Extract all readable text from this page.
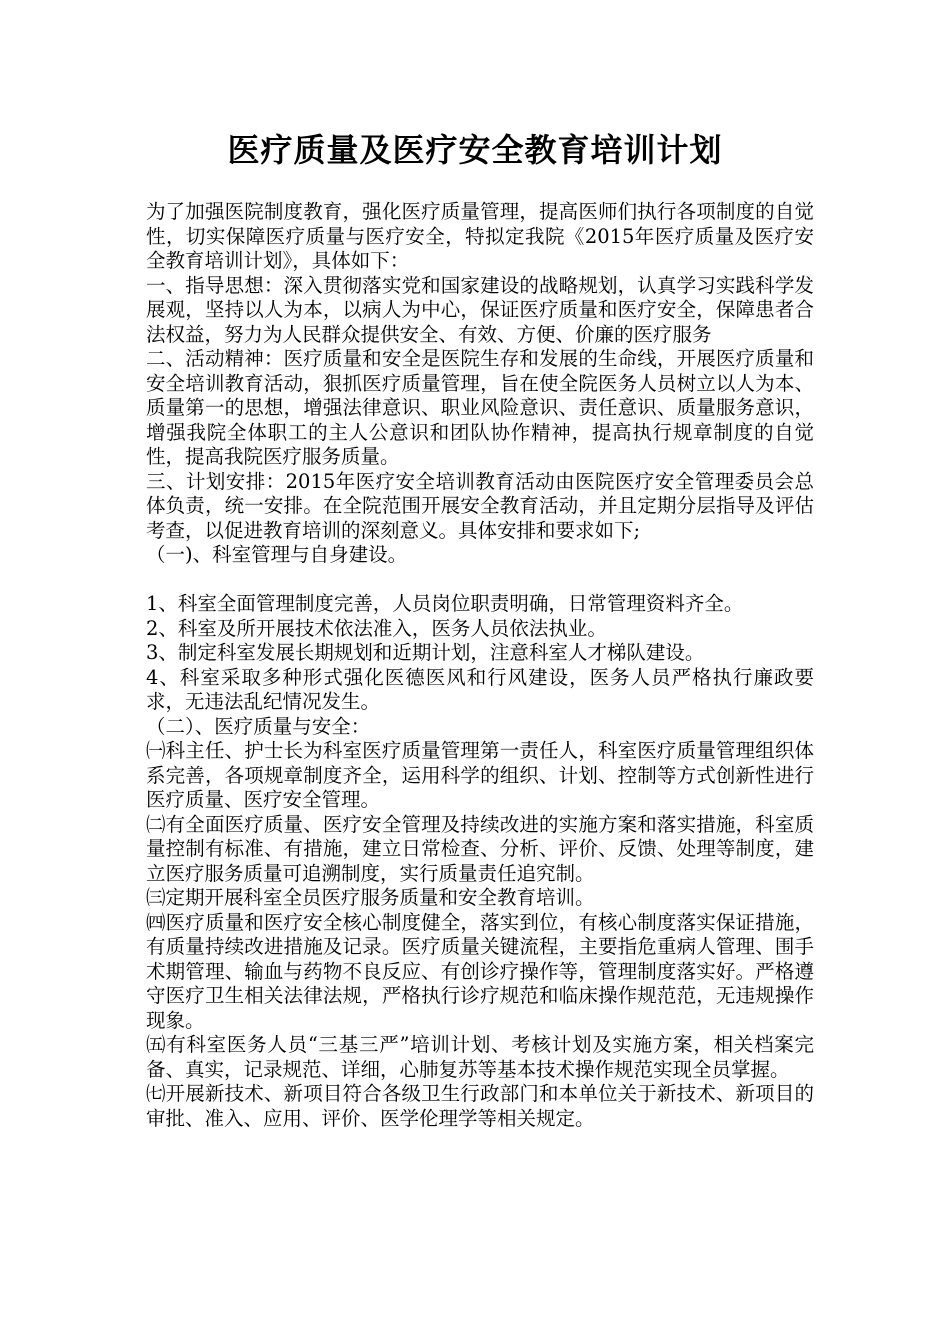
医疗质量及医疗安全教育培训计划

为了加强医院制度教育，强化医疗质量管理，提高医师们执行各项制度的自觉性，切实保障医疗质量与医疗安全，特拟定我院《2015年医疗质量及医疗安全教育培训计划》，具体如下：

一、指导思想：深入贯彻落实党和国家建设的战略规划，认真学习实践科学发展观，坚持以人为本，以病人为中心，保证医疗质量和医疗安全，保障患者合法权益，努力为人民群众提供安全、有效、方便、价廉的医疗服务

二、活动精神：医疗质量和安全是医院生存和发展的生命线，开展医疗质量和安全培训教育活动，狠抓医疗质量管理，旨在使全院医务人员树立以人为本、质量第一的思想，增强法律意识、职业风险意识、责任意识、质量服务意识，增强我院全体职工的主人公意识和团队协作精神，提高执行规章制度的自觉性，提高我院医疗服务质量。

三、计划安排：2015年医疗安全培训教育活动由医院医疗安全管理委员会总体负责，统一安排。在全院范围开展安全教育活动，并且定期分层指导及评估考查，以促进教育培训的深刻意义。具体安排和要求如下;

（一)、科室管理与自身建设。

1、科室全面管理制度完善，人员岗位职责明确，日常管理资料齐全。

2、科室及所开展技术依法准入，医务人员依法执业。

3、制定科室发展长期规划和近期计划，注意科室人才梯队建设。

4、科室采取多种形式强化医德医风和行风建设，医务人员严格执行廉政要求，无违法乱纪情况发生。

（二）、医疗质量与安全：

㈠科主任、护士长为科室医疗质量管理第一责任人，科室医疗质量管理组织体系完善，各项规章制度齐全，运用科学的组织、计划、控制等方式创新性进行医疗质量、医疗安全管理。

㈡有全面医疗质量、医疗安全管理及持续改进的实施方案和落实措施，科室质量控制有标准、有措施，建立日常检查、分析、评价、反馈、处理等制度，建立医疗服务质量可追溯制度，实行质量责任追究制。

㈢定期开展科室全员医疗服务质量和安全教育培训。

㈣医疗质量和医疗安全核心制度健全，落实到位，有核心制度落实保证措施，有质量持续改进措施及记录。医疗质量关键流程，主要指危重病人管理、围手术期管理、输血与药物不良反应、有创诊疗操作等，管理制度落实好。严格遵守医疗卫生相关法律法规，严格执行诊疗规范和临床操作规范范，无违规操作现象。

㈤有科室医务人员“三基三严”培训计划、考核计划及实施方案，相关档案完备、真实，记录规范、详细，心肺复苏等基本技术操作规范实现全员掌握。

㈦开展新技术、新项目符合各级卫生行政部门和本单位关于新技术、新项目的审批、准入、应用、评价、医学伦理学等相关规定。
